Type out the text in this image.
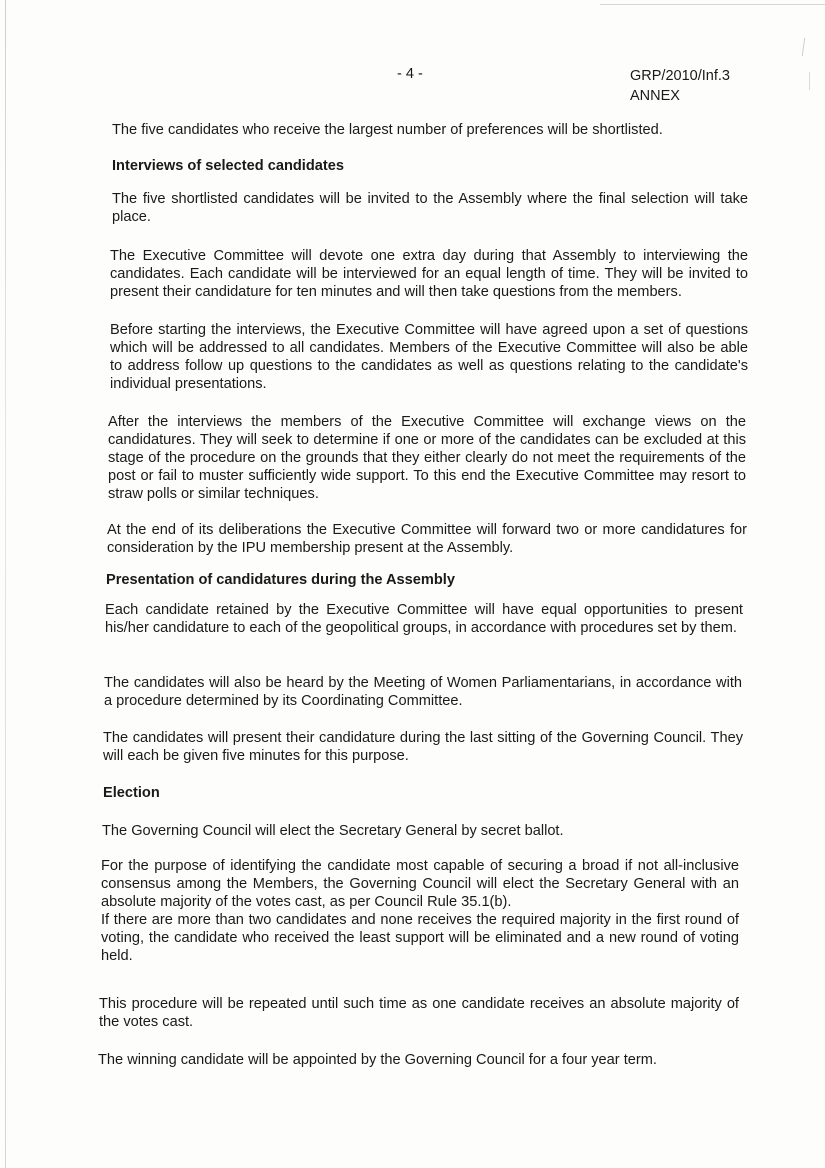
- 4 -	GRP/2010/Inf.3
ANNEX
The five candidates who receive the largest number of preferences will be shortlisted.
Interviews of selected candidates
The five shortlisted candidates will be invited to the Assembly where the final selection will take place.
The Executive Committee will devote one extra day during that Assembly to interviewing the candidates. Each candidate will be interviewed for an equal length of time. They will be invited to present their candidature for ten minutes and will then take questions from the members.
Before starting the interviews, the Executive Committee will have agreed upon a set of questions which will be addressed to all candidates. Members of the Executive Committee will also be able to address follow up questions to the candidates as well as questions relating to the candidate's individual presentations.
After the interviews the members of the Executive Committee will exchange views on the candidatures. They will seek to determine if one or more of the candidates can be excluded at this stage of the procedure on the grounds that they either clearly do not meet the requirements of the post or fail to muster sufficiently wide support. To this end the Executive Committee may resort to straw polls or similar techniques.
At the end of its deliberations the Executive Committee will forward two or more candidatures for consideration by the IPU membership present at the Assembly.
Presentation of candidatures during the Assembly
Each candidate retained by the Executive Committee will have equal opportunities to present his/her candidature to each of the geopolitical groups, in accordance with procedures set by them.
The candidates will also be heard by the Meeting of Women Parliamentarians, in accordance with a procedure determined by its Coordinating Committee.
The candidates will present their candidature during the last sitting of the Governing Council. They will each be given five minutes for this purpose.
Election
The Governing Council will elect the Secretary General by secret ballot.
For the purpose of identifying the candidate most capable of securing a broad if not all-inclusive consensus among the Members, the Governing Council will elect the Secretary General with an absolute majority of the votes cast, as per Council Rule 35.1(b).
If there are more than two candidates and none receives the required majority in the first round of voting, the candidate who received the least support will be eliminated and a new round of voting held.
This procedure will be repeated until such time as one candidate receives an absolute majority of the votes cast.
The winning candidate will be appointed by the Governing Council for a four year term.
